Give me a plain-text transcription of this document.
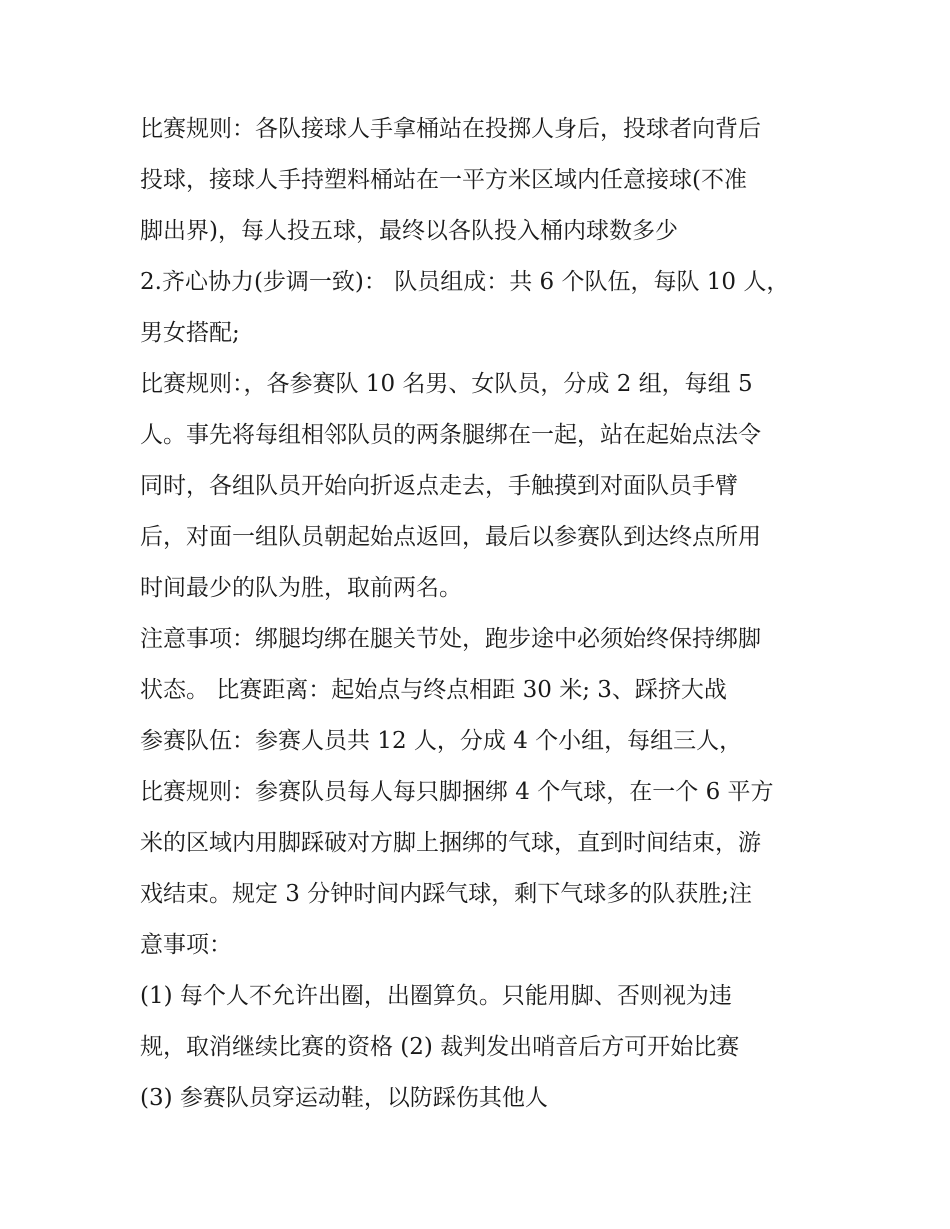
比赛规则：各队接球人手拿桶站在投掷人身后，投球者向背后
投球，接球人手持塑料桶站在一平方米区域内任意接球(不准
脚出界)，每人投五球，最终以各队投入桶内球数多少
2.齐心协力(步调一致)： 队员组成：共 6 个队伍，每队 10 人，
男女搭配;
比赛规则：，各参赛队 10 名男、女队员，分成 2 组，每组 5
人。事先将每组相邻队员的两条腿绑在一起，站在起始点法令
同时，各组队员开始向折返点走去，手触摸到对面队员手臂
后，对面一组队员朝起始点返回，最后以参赛队到达终点所用
时间最少的队为胜，取前两名。
注意事项：绑腿均绑在腿关节处，跑步途中必须始终保持绑脚
状态。 比赛距离：起始点与终点相距 30 米; 3、踩挤大战
参赛队伍：参赛人员共 12 人，分成 4 个小组，每组三人，
比赛规则：参赛队员每人每只脚捆绑 4 个气球，在一个 6 平方
米的区域内用脚踩破对方脚上捆绑的气球，直到时间结束，游
戏结束。规定 3 分钟时间内踩气球，剩下气球多的队获胜;注
意事项：
(1) 每个人不允许出圈，出圈算负。只能用脚、否则视为违
规，取消继续比赛的资格 (2) 裁判发出哨音后方可开始比赛
(3) 参赛队员穿运动鞋，以防踩伤其他人
